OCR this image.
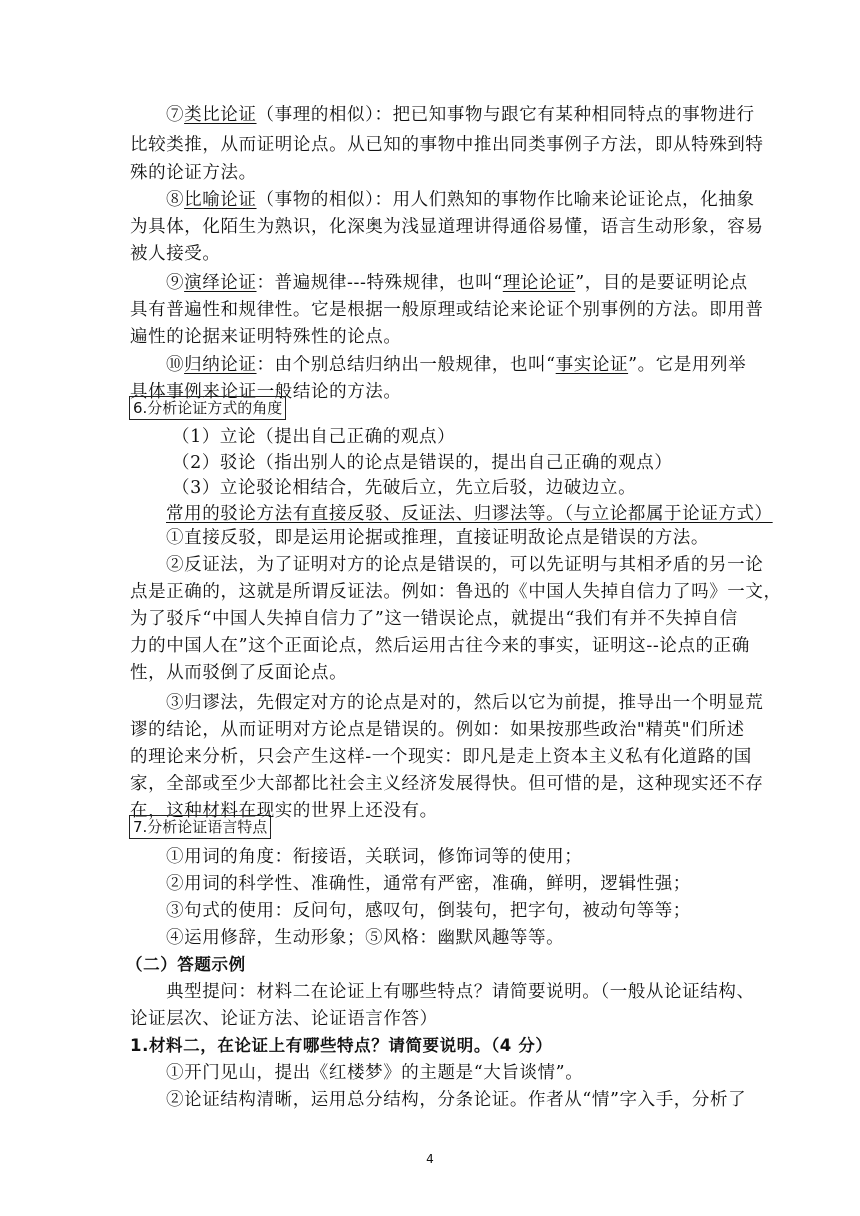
⑦类比论证（事理的相似）：把已知事物与跟它有某种相同特点的事物进行
比较类推，从而证明论点。从已知的事物中推出同类事例子方法，即从特殊到特
殊的论证方法。
⑧比喻论证（事物的相似）：用人们熟知的事物作比喻来论证论点，化抽象
为具体，化陌生为熟识，化深奥为浅显道理讲得通俗易懂，语言生动形象，容易
被人接受。
⑨演绎论证：普遍规律---特殊规律，也叫“理论论证”，目的是要证明论点
具有普遍性和规律性。它是根据一般原理或结论来论证个别事例的方法。即用普
遍性的论据来证明特殊性的论点。
⑩归纳论证：由个别总结归纳出一般规律，也叫“事实论证”。它是用列举
具体事例来论证一般结论的方法。
6.分析论证方式的角度
（1）立论（提出自己正确的观点）
（2）驳论（指出别人的论点是错误的，提出自己正确的观点）
（3）立论驳论相结合，先破后立，先立后驳，边破边立。
常用的驳论方法有直接反驳、反证法、归谬法等。（与立论都属于论证方式）
①直接反驳，即是运用论据或推理，直接证明敌论点是错误的方法。
②反证法，为了证明对方的论点是错误的，可以先证明与其相矛盾的另一论
点是正确的，这就是所谓反证法。例如：鲁迅的《中国人失掉自信力了吗》一文，
为了驳斥“中国人失掉自信力了”这一错误论点，就提出“我们有并不失掉自信
力的中国人在”这个正面论点，然后运用古往今来的事实，证明这--论点的正确
性，从而驳倒了反面论点。
③归谬法，先假定对方的论点是对的，然后以它为前提，推导出一个明显荒
谬的结论，从而证明对方论点是错误的。例如：如果按那些政治"精英"们所述
的理论来分析，只会产生这样-一个现实：即凡是走上资本主义私有化道路的国
家，全部或至少大部都比社会主义经济发展得快。但可惜的是，这种现实还不存
在，这种材料在现实的世界上还没有。
7.分析论证语言特点
①用词的角度：衔接语，关联词，修饰词等的使用；
②用词的科学性、准确性，通常有严密，准确，鲜明，逻辑性强；
③句式的使用：反问句，感叹句，倒装句，把字句，被动句等等；
④运用修辞，生动形象；⑤风格：幽默风趣等等。
（二）答题示例
典型提问：材料二在论证上有哪些特点？请简要说明。（一般从论证结构、
论证层次、论证方法、论证语言作答）
1.材料二，在论证上有哪些特点？请简要说明。（4 分）
①开门见山，提出《红楼梦》的主题是“大旨谈情”。
②论证结构清晰，运用总分结构，分条论证。作者从“情”字入手，分析了
4
